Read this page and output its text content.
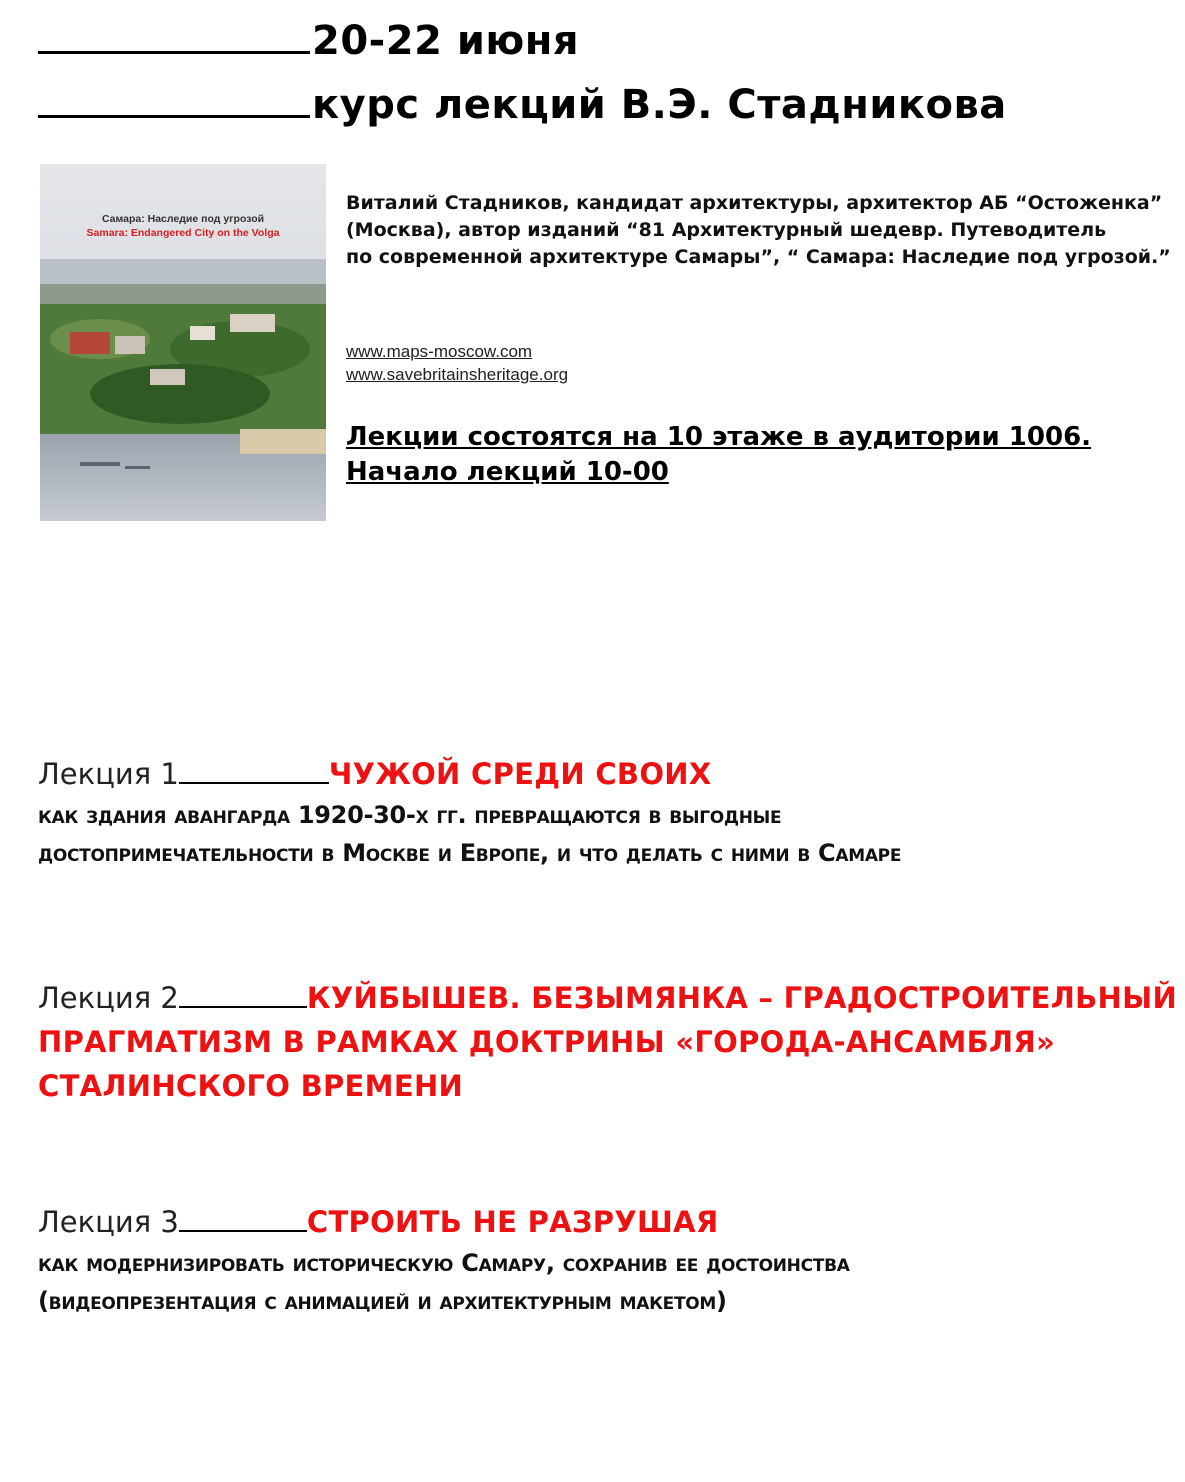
20-22 июня
курс лекций В.Э. Стадникова
Самара: Наследие под угрозой
Samara: Endangered City on the Volga
Виталий Стадников, кандидат архитектуры, архитектор АБ “Остоженка”
(Москва), автор изданий “81 Архитектурный шедевр. Путеводитель
по современной архитектуре Самары”, “ Самара: Наследие под угрозой.”
www.maps-moscow.com
www.savebritainsheritage.org
Лекции состоятся на 10 этаже в аудитории 1006.
Начало лекций 10-00
Лекция 1	ЧУЖОЙ СРЕДИ СВОИХ
как здания авангарда 1920-30-х гг. превращаются в выгодные
достопримечательности в Москве и Европе, и что делать с ними в Самаре
Лекция 2	КУЙБЫШЕВ. БЕЗЫМЯНКА – ГРАДОСТРОИТЕЛЬНЫЙ
ПРАГМАТИЗМ В РАМКАХ ДОКТРИНЫ «ГОРОДА-АНСАМБЛЯ»
СТАЛИНСКОГО ВРЕМЕНИ
Лекция 3	СТРОИТЬ НЕ РАЗРУШАЯ
как модернизировать историческую Самару, сохранив ее достоинства
(видеопрезентация с анимацией и архитектурным макетом)
